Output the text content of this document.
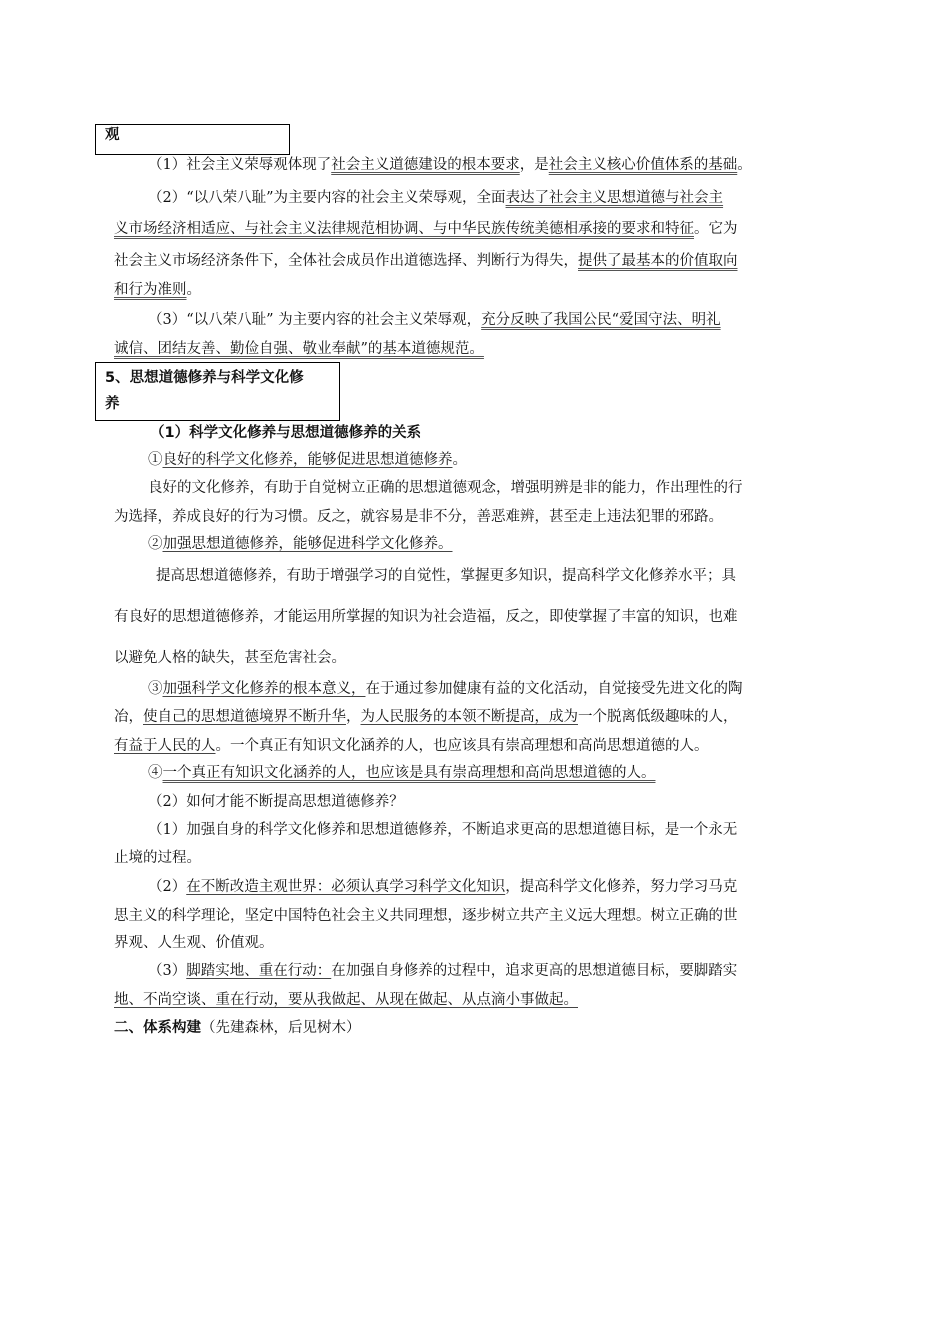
观
（1）社会主义荣辱观体现了社会主义道德建设的根本要求，是社会主义核心价值体系的基础。
（2）“以八荣八耻”为主要内容的社会主义荣辱观，全面表达了社会主义思想道德与社会主
义市场经济相适应、与社会主义法律规范相协调、与中华民族传统美德相承接的要求和特征。它为
社会主义市场经济条件下，全体社会成员作出道德选择、判断行为得失，提供了最基本的价值取向
和行为准则。
（3）“以八荣八耻” 为主要内容的社会主义荣辱观，充分反映了我国公民“爱国守法、明礼
诚信、团结友善、勤俭自强、敬业奉献”的基本道德规范。
5、思想道德修养与科学文化修
养
（1）科学文化修养与思想道德修养的关系
①良好的科学文化修养，能够促进思想道德修养。
良好的文化修养，有助于自觉树立正确的思想道德观念，增强明辨是非的能力，作出理性的行
为选择，养成良好的行为习惯。反之，就容易是非不分，善恶难辨，甚至走上违法犯罪的邪路。
②加强思想道德修养，能够促进科学文化修养。
提高思想道德修养，有助于增强学习的自觉性，掌握更多知识，提高科学文化修养水平；具
有良好的思想道德修养，才能运用所掌握的知识为社会造福，反之，即使掌握了丰富的知识，也难
以避免人格的缺失，甚至危害社会。
③加强科学文化修养的根本意义，在于通过参加健康有益的文化活动，自觉接受先进文化的陶
冶，使自己的思想道德境界不断升华，为人民服务的本领不断提高，成为一个脱离低级趣味的人，
有益于人民的人。一个真正有知识文化涵养的人，也应该具有崇高理想和高尚思想道德的人。
④一个真正有知识文化涵养的人，也应该是具有崇高理想和高尚思想道德的人。
（2）如何才能不断提高思想道德修养？
（1）加强自身的科学文化修养和思想道德修养，不断追求更高的思想道德目标，是一个永无
止境的过程。
（2）在不断改造主观世界：必须认真学习科学文化知识，提高科学文化修养，努力学习马克
思主义的科学理论，坚定中国特色社会主义共同理想，逐步树立共产主义远大理想。树立正确的世
界观、人生观、价值观。
（3）脚踏实地、重在行动：在加强自身修养的过程中，追求更高的思想道德目标，要脚踏实
地、不尚空谈、重在行动，要从我做起、从现在做起、从点滴小事做起。
二、体系构建（先建森林，后见树木）
